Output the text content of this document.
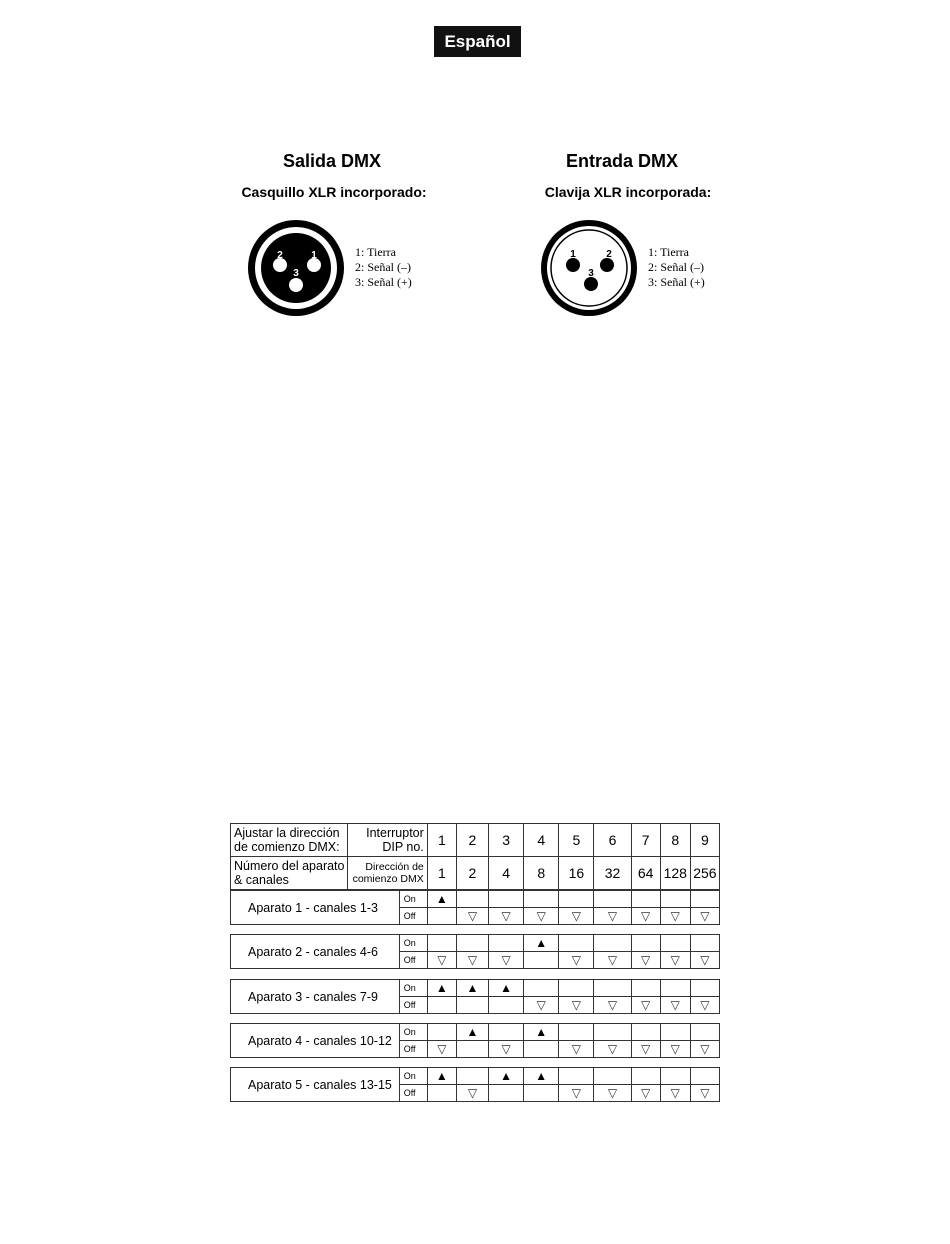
Español
Salida DMX
Casquillo XLR incorporado:
2	1
3
1: Tierra
2: Señal (–)
3: Señal (+)
Entrada DMX
Clavija XLR incorporada:
1	2
3
1: Tierra
2: Señal (–)
3: Señal (+)
Ajustar la dirección de comienzo DMX:	Interruptor DIP no.	1	2	3	4	5	6	7	8	9
Número del aparato & canales	Dirección de comienzo DMX	1	2	4	8	16	32	64	128	256
Aparato 1 - canales 1-3	On	▲								
	Off		▽	▽	▽	▽	▽	▽	▽	▽
Aparato 2 - canales 4-6	On				▲					
	Off	▽	▽	▽		▽	▽	▽	▽	▽
Aparato 3 - canales 7-9	On	▲	▲	▲						
	Off				▽	▽	▽	▽	▽	▽
Aparato 4 - canales 10-12	On		▲		▲					
	Off	▽		▽		▽	▽	▽	▽	▽
Aparato 5 - canales 13-15	On	▲		▲	▲					
	Off		▽			▽	▽	▽	▽	▽
